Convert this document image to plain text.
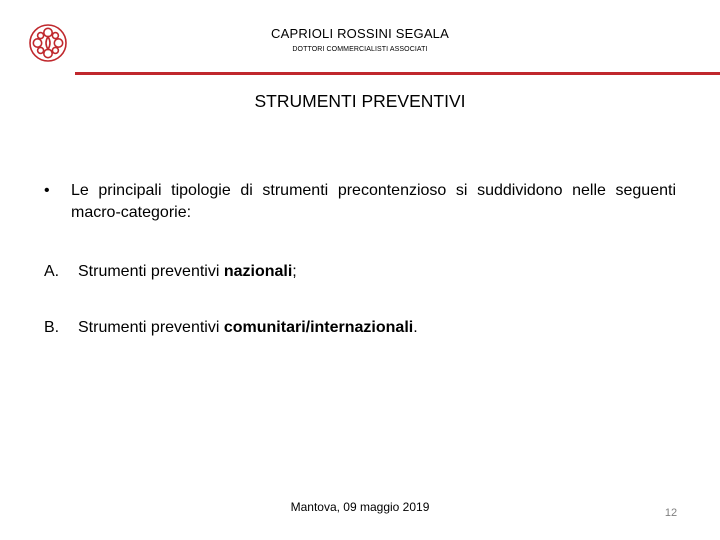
CAPRIOLI ROSSINI SEGALA
DOTTORI COMMERCIALISTI ASSOCIATI
STRUMENTI PREVENTIVI
• Le principali tipologie di strumenti precontenzioso si suddividono nelle seguenti macro-categorie:
A. Strumenti preventivi nazionali;
B. Strumenti preventivi comunitari/internazionali.
Mantova, 09 maggio 2019	12
